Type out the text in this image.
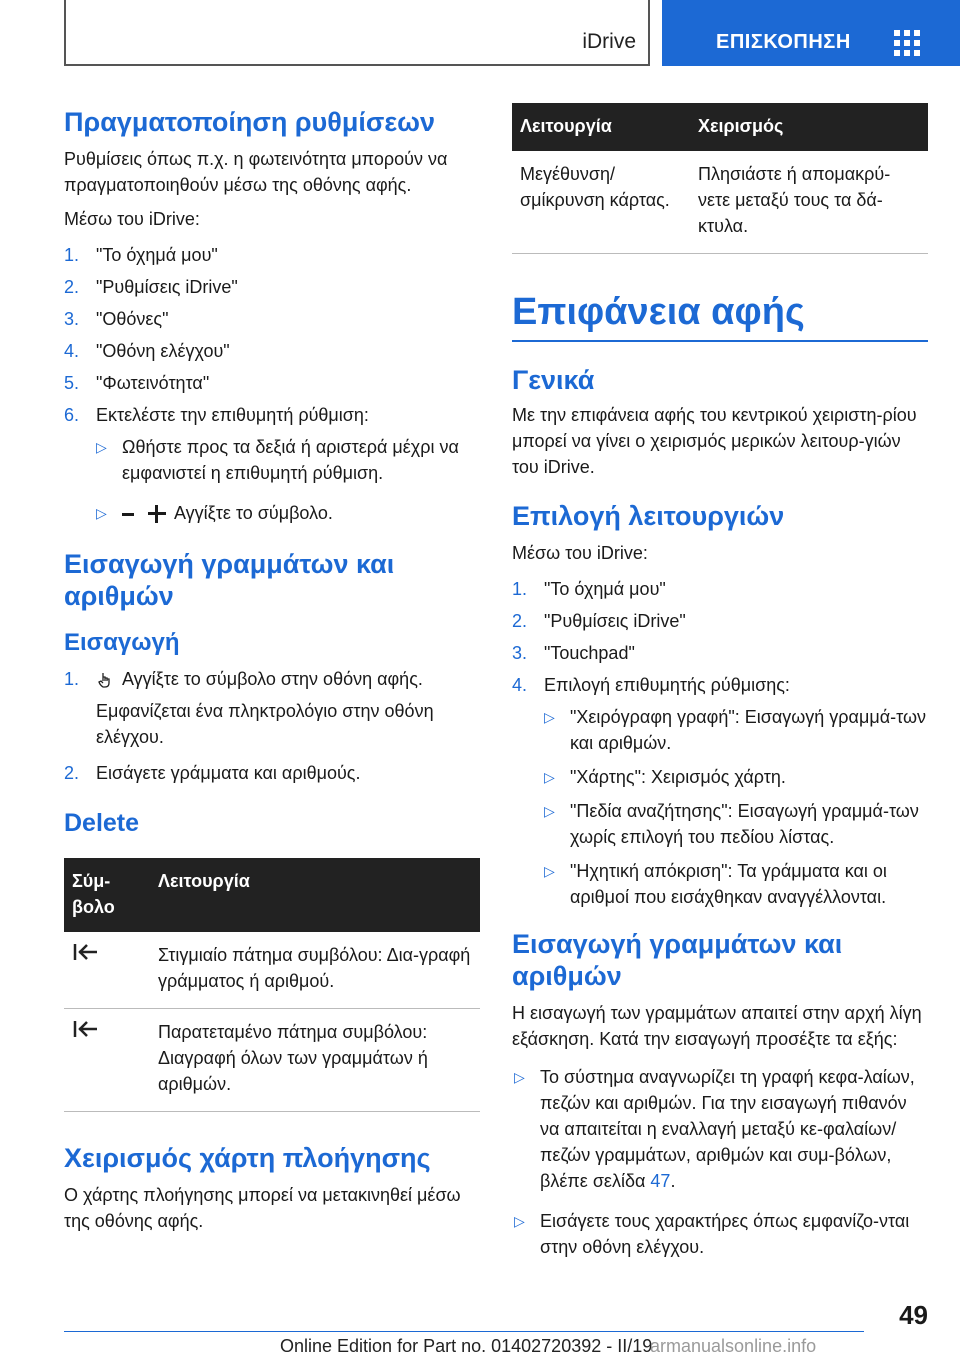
iDrive	ΕΠΙΣΚΟΠΗΣΗ
Πραγματοποίηση ρυθμίσεων

Ρυθμίσεις όπως π.χ. η φωτεινότητα μπορούν να πραγματοποιηθούν μέσω της οθόνης αφής.

Μέσω του iDrive:

1. "Το όχημά μου"
2. "Ρυθμίσεις iDrive"
3. "Οθόνες"
4. "Οθόνη ελέγχου"
5. "Φωτεινότητα"
6. Εκτελέστε την επιθυμητή ρύθμιση:
▷ Ωθήστε προς τα δεξιά ή αριστερά μέχρι να εμφανιστεί η επιθυμητή ρύθμιση.
▷	Αγγίξτε το σύμβολο.
Εισαγωγή γραμμάτων και αριθμών
Εισαγωγή
1. Αγγίξτε το σύμβολο στην οθόνη αφής.
Εμφανίζεται ένα πληκτρολόγιο στην οθόνη ελέγχου.
2. Εισάγετε γράμματα και αριθμούς.
Delete
Σύμ-βολο	Λειτουργία
	Στιγμιαίο πάτημα συμβόλου: Δια-γραφή γράμματος ή αριθμού.
	Παρατεταμένο πάτημα συμβόλου: Διαγραφή όλων των γραμμάτων ή αριθμών.
Χειρισμός χάρτη πλοήγησης

Ο χάρτης πλοήγησης μπορεί να μετακινηθεί μέσω της οθόνης αφής.

Λειτουργία	Χειρισμός
Μεγέθυνση/ σμίκρυνση κάρτας.	Πλησιάστε ή απομακρύ-νετε μεταξύ τους τα δά-κτυλα.
Επιφάνεια αφής
Γενικά

Με την επιφάνεια αφής του κεντρικού χειριστη-ρίου μπορεί να γίνει ο χειρισμός μερικών λειτουρ-γιών του iDrive.

Επιλογή λειτουργιών

Μέσω του iDrive:

1. "Το όχημά μου"
2. "Ρυθμίσεις iDrive"
3. "Touchpad"
4. Επιλογή επιθυμητής ρύθμισης:
▷ "Χειρόγραφη γραφή": Εισαγωγή γραμμά-των και αριθμών.
▷ "Χάρτης": Χειρισμός χάρτη.
▷ "Πεδία αναζήτησης": Εισαγωγή γραμμά-των χωρίς επιλογή του πεδίου λίστας.
▷ "Ηχητική απόκριση": Τα γράμματα και οι αριθμοί που εισάχθηκαν αναγγέλλονται.
Εισαγωγή γραμμάτων και αριθμών

Η εισαγωγή των γραμμάτων απαιτεί στην αρχή λίγη εξάσκηση. Κατά την εισαγωγή προσέξτε τα εξής:

▷ Το σύστημα αναγνωρίζει τη γραφή κεφα-λαίων, πεζών και αριθμών. Για την εισαγωγή πιθανόν να απαιτείται η εναλλαγή μεταξύ κε-φαλαίων/πεζών γραμμάτων, αριθμών και συμ-βόλων, βλέπε σελίδα 47.
▷ Εισάγετε τους χαρακτήρες όπως εμφανίζο-νται στην οθόνη ελέγχου.
49
Online Edition for Part no. 01402720392 - II/19
armanualsonline.info
